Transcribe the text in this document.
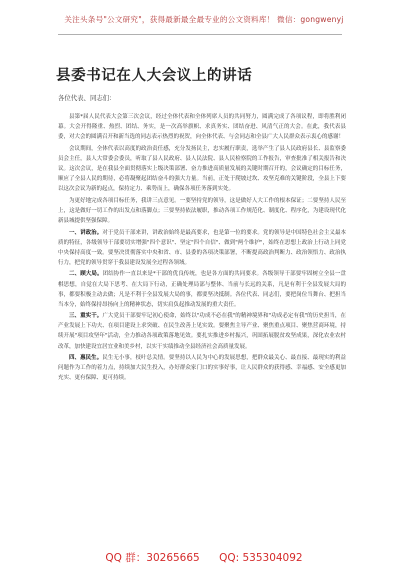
关注头条号"公文研究"，获得最新最全最专业的公文资料库！ 微信：gongwenyj
县委书记在人大会议上的讲话
各位代表、同志们：

县第*届人民代表大会第三次会议，经过全体代表和全体列席人员的共同努力，圆满完成了各项议程，即将胜利闭幕。大会开得隆重、热烈、团结、务实，是一次高举旗帜、求真务实、团结奋进、风清气正的大会。在此，我代表县委，对大会的圆满召开和新当选的同志表示热烈的祝贺，向全体代表、与会同志和全县广大人民群众表示衷心的感谢！

会议期间，全体代表以高度的政治责任感，充分发扬民主，忠实履行职责，选举产生了县人民政府县长、县监察委员会主任，县人大常委会委员，听取了县人民政府、县人民法院、县人民检察院的工作报告，审查批准了相关报告和决议。这次会议，是在我县全面贯彻落实上级决策部署、奋力推进高质量发展的关键时期召开的，会议确定的目标任务，顺应了全县人民的期待，必将凝聚起团结奋斗的强大力量。当前，正处于爬坡过坎、攻坚克难的关键阶段，全县上下要以这次会议为新的起点，保持定力、乘势而上，确保各项任务落到实处。

为更好地完成各项目标任务，我讲三点意见。一要坚持党的领导，这是做好人大工作的根本保证；二要坚持人民至上，这是做好一切工作的出发点和落脚点；三要坚持依法履职，推动各项工作规范化、制度化、程序化，为建设现代化新县城提供坚强保障。

一、讲政治。对于党员干部来讲，讲政治始终是最高要求，也是第一位的要求。党的领导是中国特色社会主义最本质的特征，各级领导干部要切实增强"四个意识"、坚定"四个自信"、做到"两个维护"，始终在思想上政治上行动上同党中央保持高度一致。要坚决贯彻落实中央和省、市、县委的各项决策部署，不断提高政治判断力、政治领悟力、政治执行力，把党的领导贯穿于我县建设发展全过程各领域。

二、顾大局。团结协作一直以来是*干部的优良传统，也是各方面的共同要求。各级领导干部要牢固树立全县一盘棋思想，自觉在大局下思考、在大局下行动，正确处理局部与整体、当前与长远的关系，凡是有利于全县发展大局的事，都要积极主动去做；凡是不利于全县发展大局的事，都要坚决抵制。各位代表、同志们，要把岗位当舞台、把担当当本分，始终保持昂扬向上的精神状态，切实肩负起推动发展的重大责任。

三、重实干。广大党员干部要牢记初心使命，始终以"功成不必在我"的精神境界和"功成必定有我"的历史担当，在产业发展上下功夫、在项目建设上求突破、在民生改善上见实效。要聚焦主导产业、聚焦重点项目、聚焦营商环境，持续开展"项目攻坚年"活动，全力推动各项政策落地见效。要扎实推进乡村振兴，巩固拓展脱贫攻坚成果，深化农业农村改革，加快建设宜居宜业和美乡村，以实干实绩推动全县经济社会高质量发展。

四、惠民生。民生无小事，枝叶总关情。要坚持以人民为中心的发展思想，把群众最关心、最直接、最现实的利益问题作为工作的着力点，持续加大民生投入，办好群众家门口的实事好事，让人民群众的获得感、幸福感、安全感更加充实、更有保障、更可持续。

QQ 群：30265665 QQ: 535304092
